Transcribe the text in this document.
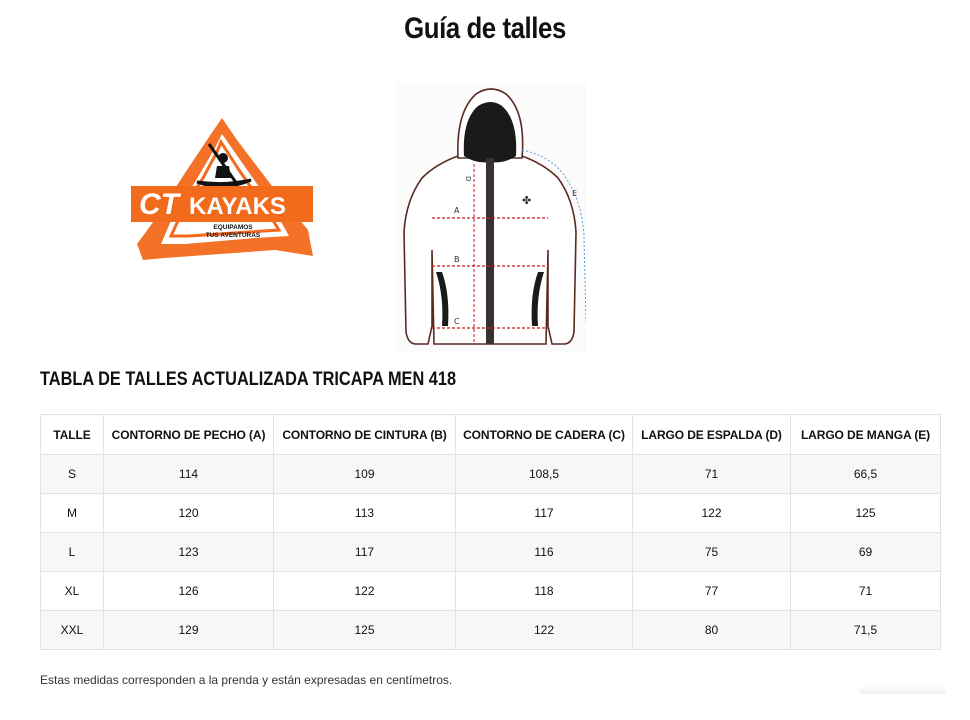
Guía de talles
CT KAYAKS
EQUIPAMOS
TUS AVENTURAS
✤
A
B
C
D
E
TABLA DE TALLES ACTUALIZADA TRICAPA MEN 418
TALLE	CONTORNO DE PECHO (A)	CONTORNO DE CINTURA (B)	CONTORNO DE CADERA (C)	LARGO DE ESPALDA (D)	LARGO DE MANGA (E)
S	114	109	108,5	71	66,5
M	120	113	117	122	125
L	123	117	116	75	69
XL	126	122	118	77	71
XXL	129	125	122	80	71,5
Estas medidas corresponden a la prenda y están expresadas en centímetros.
